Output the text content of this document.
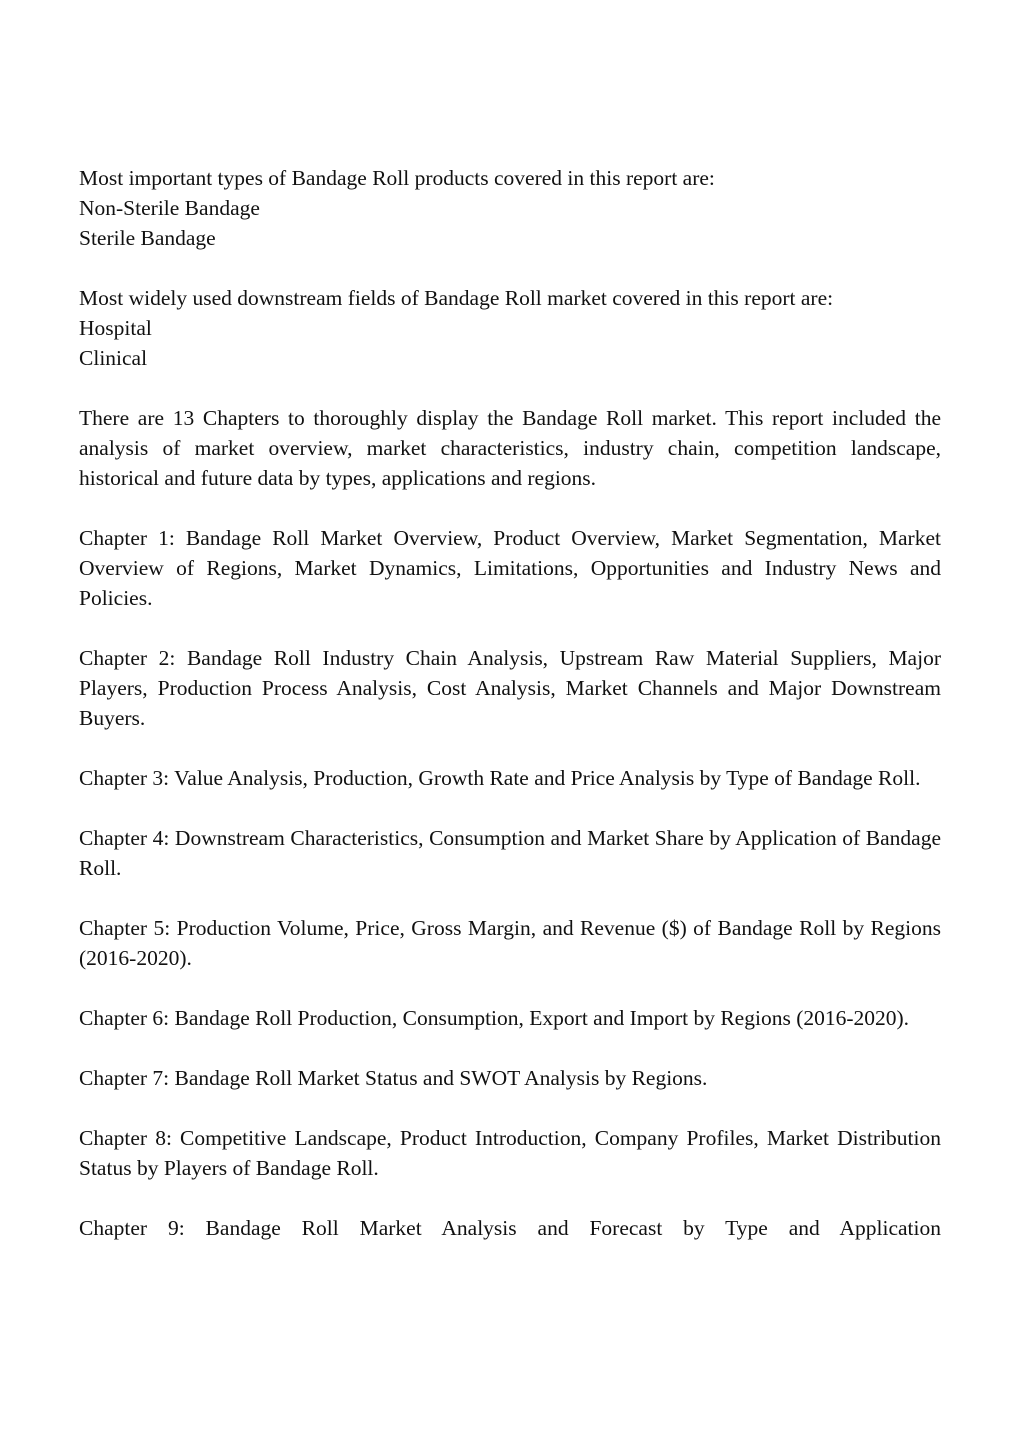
Most important types of Bandage Roll products covered in this report are:
Non-Sterile Bandage
Sterile Bandage
Most widely used downstream fields of Bandage Roll market covered in this report are:
Hospital
Clinical

There are 13 Chapters to thoroughly display the Bandage Roll market. This report included the analysis of market overview, market characteristics, industry chain, competition landscape, historical and future data by types, applications and regions.

Chapter 1: Bandage Roll Market Overview, Product Overview, Market Segmentation, Market Overview of Regions, Market Dynamics, Limitations, Opportunities and Industry News and Policies.

Chapter 2: Bandage Roll Industry Chain Analysis, Upstream Raw Material Suppliers, Major Players, Production Process Analysis, Cost Analysis, Market Channels and Major Downstream Buyers.

Chapter 3: Value Analysis, Production, Growth Rate and Price Analysis by Type of Bandage Roll.

Chapter 4: Downstream Characteristics, Consumption and Market Share by Application of Bandage Roll.

Chapter 5: Production Volume, Price, Gross Margin, and Revenue ($) of Bandage Roll by Regions (2016-2020).

Chapter 6: Bandage Roll Production, Consumption, Export and Import by Regions (2016-2020).

Chapter 7: Bandage Roll Market Status and SWOT Analysis by Regions.

Chapter 8: Competitive Landscape, Product Introduction, Company Profiles, Market Distribution Status by Players of Bandage Roll.

Chapter 9: Bandage Roll Market Analysis and Forecast by Type and Application
